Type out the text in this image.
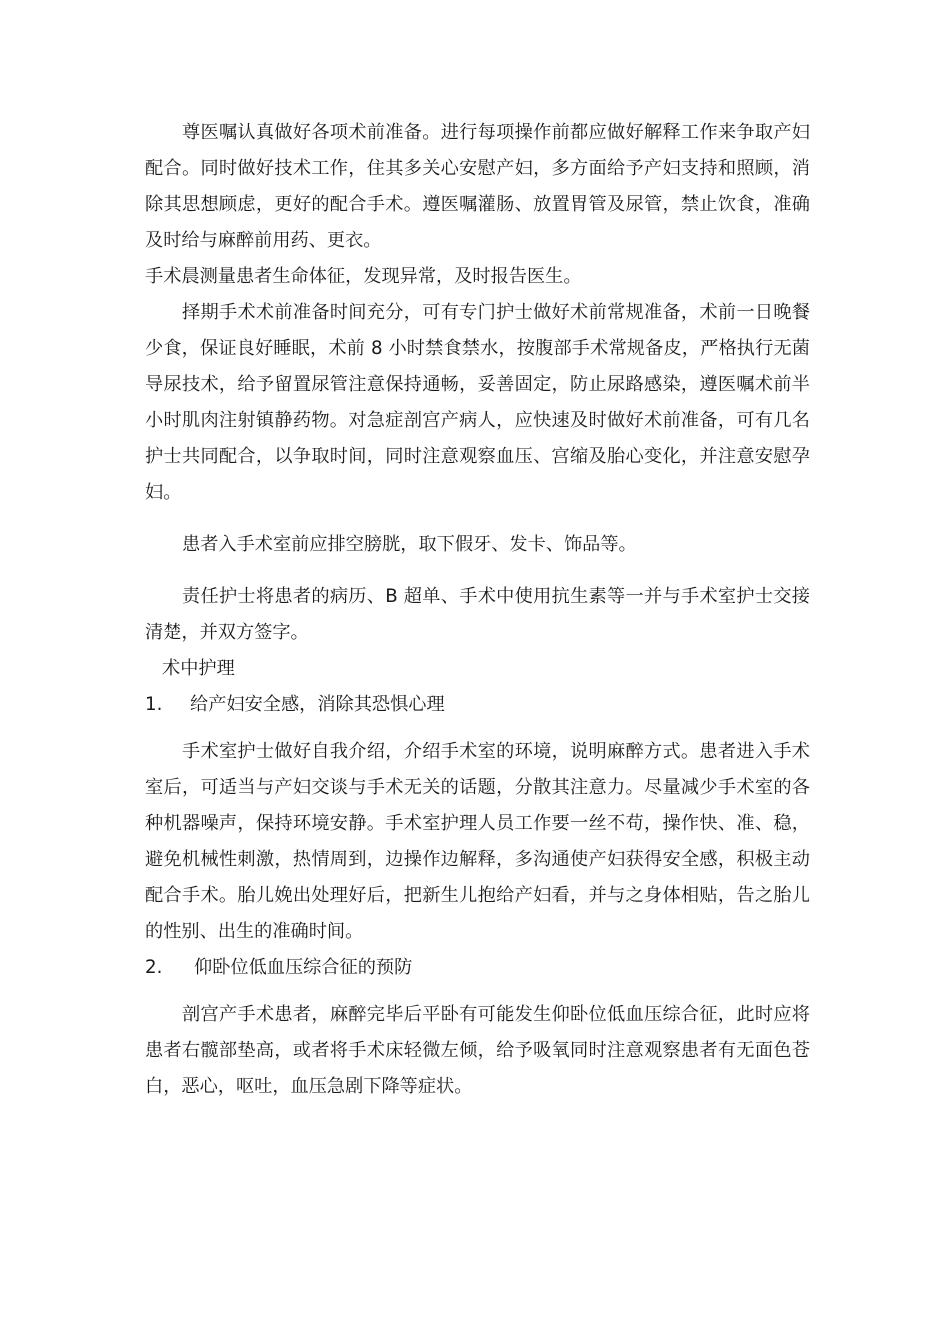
尊医嘱认真做好各项术前准备。进行每项操作前都应做好解释工作来争取产妇配合。同时做好技术工作，住其多关心安慰产妇，多方面给予产妇支持和照顾，消除其思想顾虑，更好的配合手术。遵医嘱灌肠、放置胃管及尿管，禁止饮食，准确及时给与麻醉前用药、更衣。

手术晨测量患者生命体征，发现异常，及时报告医生。

择期手术术前准备时间充分，可有专门护士做好术前常规准备，术前一日晚餐少食，保证良好睡眠，术前 8 小时禁食禁水，按腹部手术常规备皮，严格执行无菌导尿技术，给予留置尿管注意保持通畅，妥善固定，防止尿路感染，遵医嘱术前半小时肌肉注射镇静药物。对急症剖宫产病人，应快速及时做好术前准备，可有几名护士共同配合，以争取时间，同时注意观察血压、宫缩及胎心变化，并注意安慰孕妇。

患者入手术室前应排空膀胱，取下假牙、发卡、饰品等。

责任护士将患者的病历、B 超单、手术中使用抗生素等一并与手术室护士交接清楚，并双方签字。

术中护理

1.	给产妇安全感，消除其恐惧心理

手术室护士做好自我介绍，介绍手术室的环境，说明麻醉方式。患者进入手术室后，可适当与产妇交谈与手术无关的话题，分散其注意力。尽量减少手术室的各种机器噪声，保持环境安静。手术室护理人员工作要一丝不苟，操作快、准、稳，避免机械性刺激，热情周到，边操作边解释，多沟通使产妇获得安全感，积极主动配合手术。胎儿娩出处理好后，把新生儿抱给产妇看，并与之身体相贴，告之胎儿的性别、出生的准确时间。

2.	仰卧位低血压综合征的预防

剖宫产手术患者，麻醉完毕后平卧有可能发生仰卧位低血压综合征，此时应将患者右髋部垫高，或者将手术床轻微左倾，给予吸氧同时注意观察患者有无面色苍白，恶心，呕吐，血压急剧下降等症状。
